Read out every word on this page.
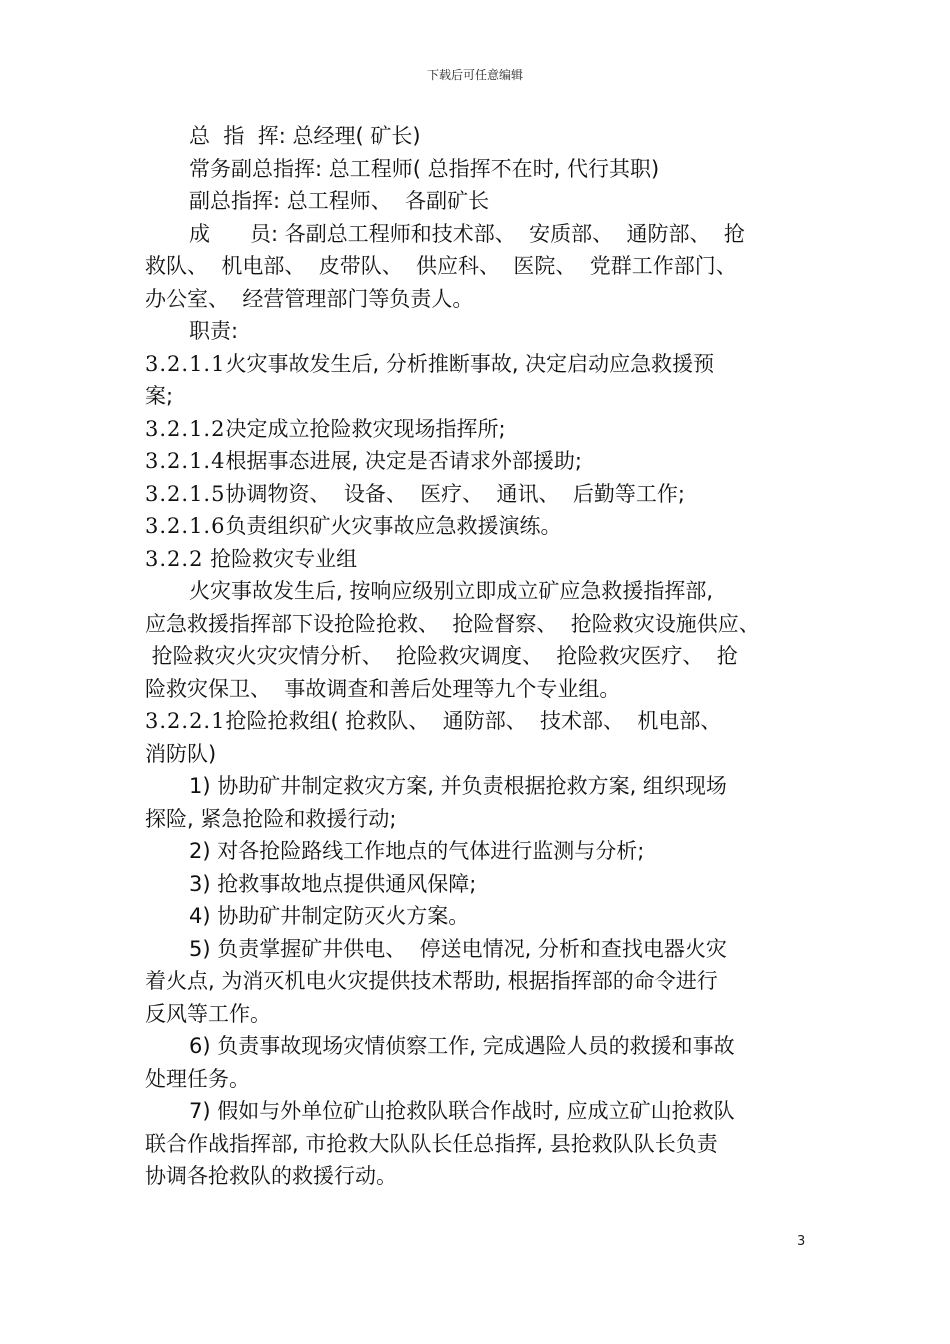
下载后可任意编辑
总  指  挥: 总经理( 矿长)
常务副总指挥: 总工程师( 总指挥不在时, 代行其职)
副总指挥: 总工程师、  各副矿长
成      员: 各副总工程师和技术部、  安质部、  通防部、  抢
救队、  机电部、  皮带队、  供应科、  医院、  党群工作部门、
办公室、  经营管理部门等负责人。
职责:
3.2.1.1火灾事故发生后, 分析推断事故, 决定启动应急救援预
案;
3.2.1.2决定成立抢险救灾现场指挥所;
3.2.1.4根据事态进展, 决定是否请求外部援助;
3.2.1.5协调物资、  设备、  医疗、  通讯、  后勤等工作;
3.2.1.6负责组织矿火灾事故应急救援演练。
3.2.2 抢险救灾专业组
火灾事故发生后, 按响应级别立即成立矿应急救援指挥部,
应急救援指挥部下设抢险抢救、  抢险督察、  抢险救灾设施供应、
抢险救灾火灾灾情分析、  抢险救灾调度、  抢险救灾医疗、  抢
险救灾保卫、  事故调查和善后处理等九个专业组。
3.2.2.1抢险抢救组( 抢救队、  通防部、  技术部、  机电部、
消防队)
1) 协助矿井制定救灾方案, 并负责根据抢救方案, 组织现场
探险, 紧急抢险和救援行动;
2) 对各抢险路线工作地点的气体进行监测与分析;
3) 抢救事故地点提供通风保障;
4) 协助矿井制定防灭火方案。
5) 负责掌握矿井供电、  停送电情况, 分析和查找电器火灾
着火点, 为消灭机电火灾提供技术帮助, 根据指挥部的命令进行
反风等工作。
6) 负责事故现场灾情侦察工作, 完成遇险人员的救援和事故
处理任务。
7) 假如与外单位矿山抢救队联合作战时, 应成立矿山抢救队
联合作战指挥部, 市抢救大队队长任总指挥, 县抢救队队长负责
协调各抢救队的救援行动。
3
